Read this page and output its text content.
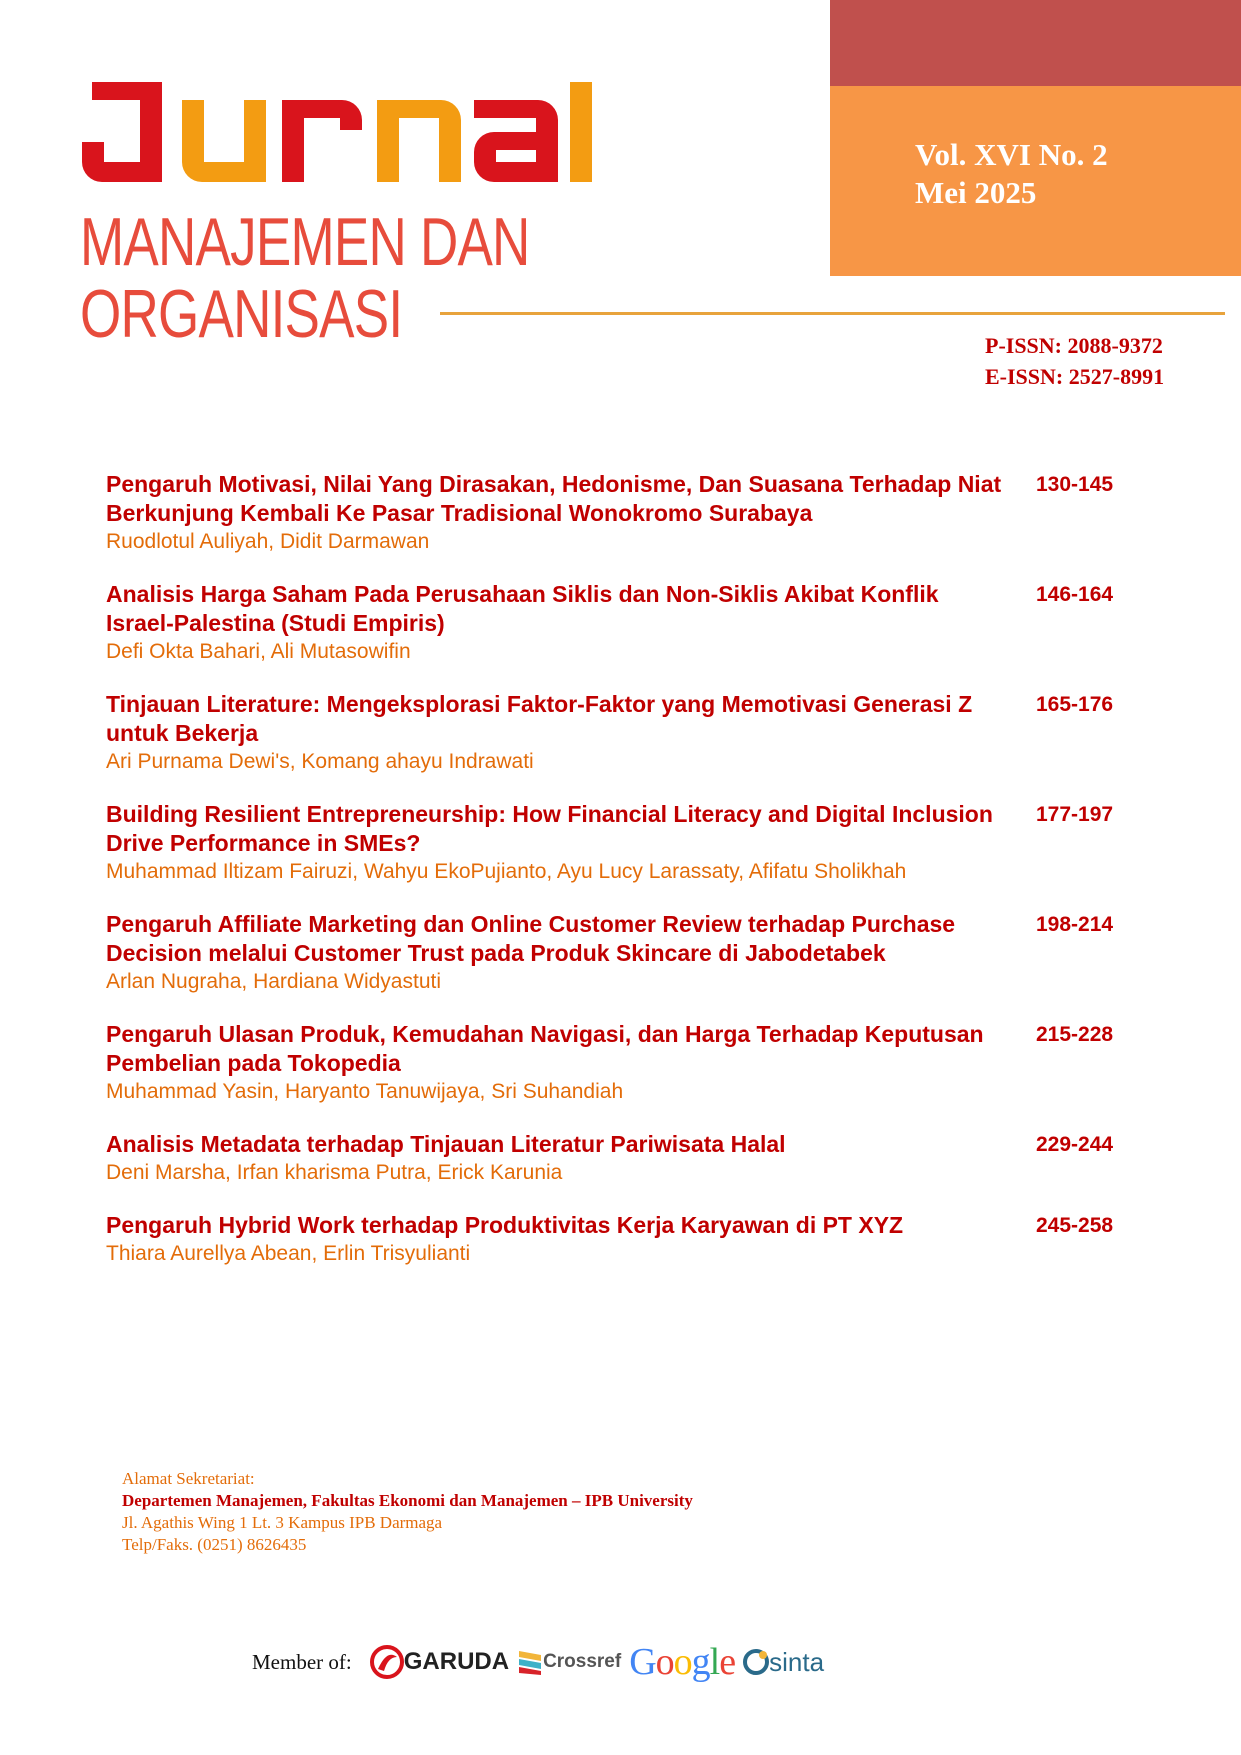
Vol. XVI No. 2
Mei 2025
MANAJEMEN DAN
ORGANISASI	P-ISSN: 2088-9372
E-ISSN: 2527-8991
Pengaruh Motivasi, Nilai Yang Dirasakan, Hedonisme, Dan Suasana Terhadap Niat Berkunjung Kembali Ke Pasar Tradisional Wonokromo Surabaya
Ruodlotul Auliyah, Didit Darmawan
130-145
Analisis Harga Saham Pada Perusahaan Siklis dan Non-Siklis Akibat Konflik Israel-Palestina (Studi Empiris)
Defi Okta Bahari, Ali Mutasowifin
146-164
Tinjauan Literature: Mengeksplorasi Faktor-Faktor yang Memotivasi Generasi Z untuk Bekerja
Ari Purnama Dewi's, Komang ahayu Indrawati
165-176
Building Resilient Entrepreneurship: How Financial Literacy and Digital Inclusion Drive Performance in SMEs?
Muhammad Iltizam Fairuzi, Wahyu EkoPujianto, Ayu Lucy Larassaty, Afifatu Sholikhah
177-197
Pengaruh Affiliate Marketing dan Online Customer Review terhadap Purchase Decision melalui Customer Trust pada Produk Skincare di Jabodetabek
Arlan Nugraha, Hardiana Widyastuti
198-214
Pengaruh Ulasan Produk, Kemudahan Navigasi, dan Harga Terhadap Keputusan Pembelian pada Tokopedia
Muhammad Yasin, Haryanto Tanuwijaya, Sri Suhandiah
215-228
Analisis Metadata terhadap Tinjauan Literatur Pariwisata Halal
Deni Marsha, Irfan kharisma Putra, Erick Karunia
229-244
Pengaruh Hybrid Work terhadap Produktivitas Kerja Karyawan di PT XYZ
Thiara Aurellya Abean, Erlin Trisyulianti
245-258
Alamat Sekretariat:
Departemen Manajemen, Fakultas Ekonomi dan Manajemen – IPB University
Jl. Agathis Wing 1 Lt. 3 Kampus IPB Darmaga
Telp/Faks. (0251) 8626435
Member of: GARUDA Crossref Google sinta
